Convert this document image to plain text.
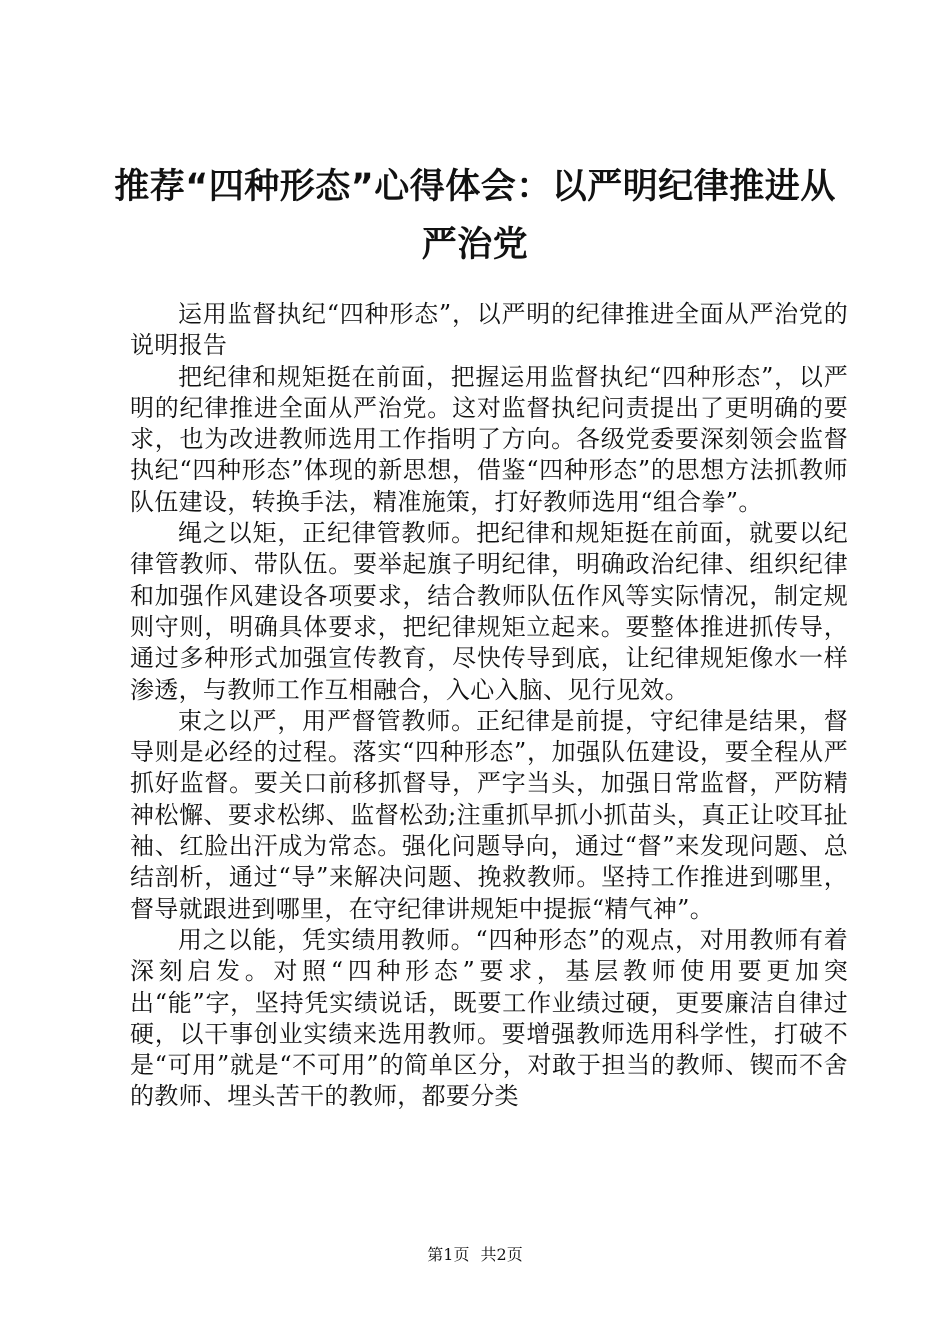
推荐“四种形态”心得体会：以严明纪律推进从严治党

运用监督执纪“四种形态”，以严明的纪律推进全面从严治党的说明报告

把纪律和规矩挺在前面，把握运用监督执纪“四种形态”，以严明的纪律推进全面从严治党。这对监督执纪问责提出了更明确的要求，也为改进教师选用工作指明了方向。各级党委要深刻领会监督执纪“四种形态”体现的新思想，借鉴“四种形态”的思想方法抓教师队伍建设，转换手法，精准施策，打好教师选用“组合拳”。

绳之以矩，正纪律管教师。把纪律和规矩挺在前面，就要以纪律管教师、带队伍。要举起旗子明纪律，明确政治纪律、组织纪律和加强作风建设各项要求，结合教师队伍作风等实际情况，制定规则守则，明确具体要求，把纪律规矩立起来。要整体推进抓传导，通过多种形式加强宣传教育，尽快传导到底，让纪律规矩像水一样渗透，与教师工作互相融合，入心入脑、见行见效。

束之以严，用严督管教师。正纪律是前提，守纪律是结果，督导则是必经的过程。落实“四种形态”，加强队伍建设，要全程从严抓好监督。要关口前移抓督导，严字当头，加强日常监督，严防精神松懈、要求松绑、监督松劲;注重抓早抓小抓苗头，真正让咬耳扯袖、红脸出汗成为常态。强化问题导向，通过“督”来发现问题、总结剖析，通过“导”来解决问题、挽救教师。坚持工作推进到哪里，督导就跟进到哪里，在守纪律讲规矩中提振“精气神”。

用之以能，凭实绩用教师。“四种形态”的观点，对用教师有着深刻启发。对照“四种形态”要求，基层教师使用要更加突出“能”字，坚持凭实绩说话，既要工作业绩过硬，更要廉洁自律过硬，以干事创业实绩来选用教师。要增强教师选用科学性，打破不是“可用”就是“不可用”的简单区分，对敢于担当的教师、锲而不舍的教师、埋头苦干的教师，都要分类

第1页 共2页
